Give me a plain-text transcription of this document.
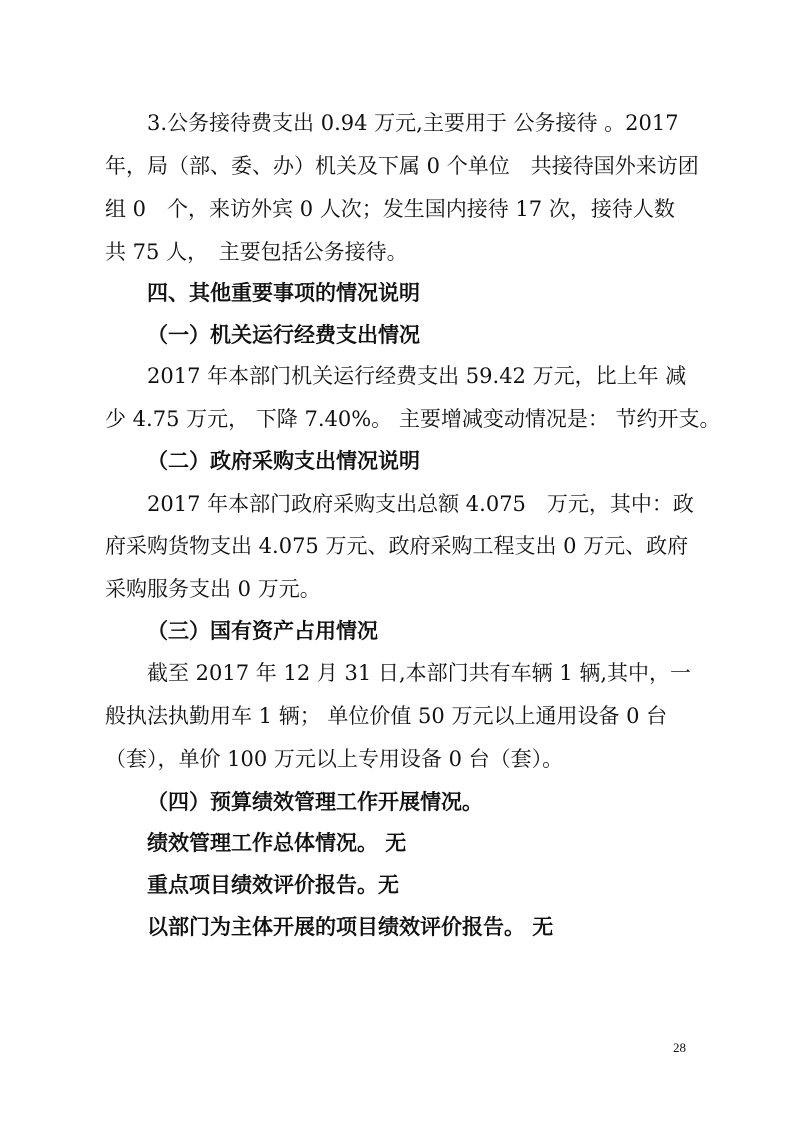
3.公务接待费支出 0.94 万元,主要用于 公务接待 。2017
年，局（部、委、办）机关及下属 0 个单位　共接待国外来访团
组 0　个，来访外宾 0 人次；发生国内接待 17 次，接待人数
共 75 人，　主要包括公务接待。
四、其他重要事项的情况说明
（一）机关运行经费支出情况
2017 年本部门机关运行经费支出 59.42 万元，比上年 减
少 4.75 万元， 下降 7.40%。 主要增减变动情况是： 节约开支。
（二）政府采购支出情况说明
2017 年本部门政府采购支出总额 4.075　万元，其中：政
府采购货物支出 4.075 万元、政府采购工程支出 0 万元、政府
采购服务支出 0 万元。
（三）国有资产占用情况
截至 2017 年 12 月 31 日,本部门共有车辆 1 辆,其中，一
般执法执勤用车 1 辆； 单位价值 50 万元以上通用设备 0 台
（套），单价 100 万元以上专用设备 0 台（套）。
（四）预算绩效管理工作开展情况。
绩效管理工作总体情况。 无
重点项目绩效评价报告。无
以部门为主体开展的项目绩效评价报告。 无
28
